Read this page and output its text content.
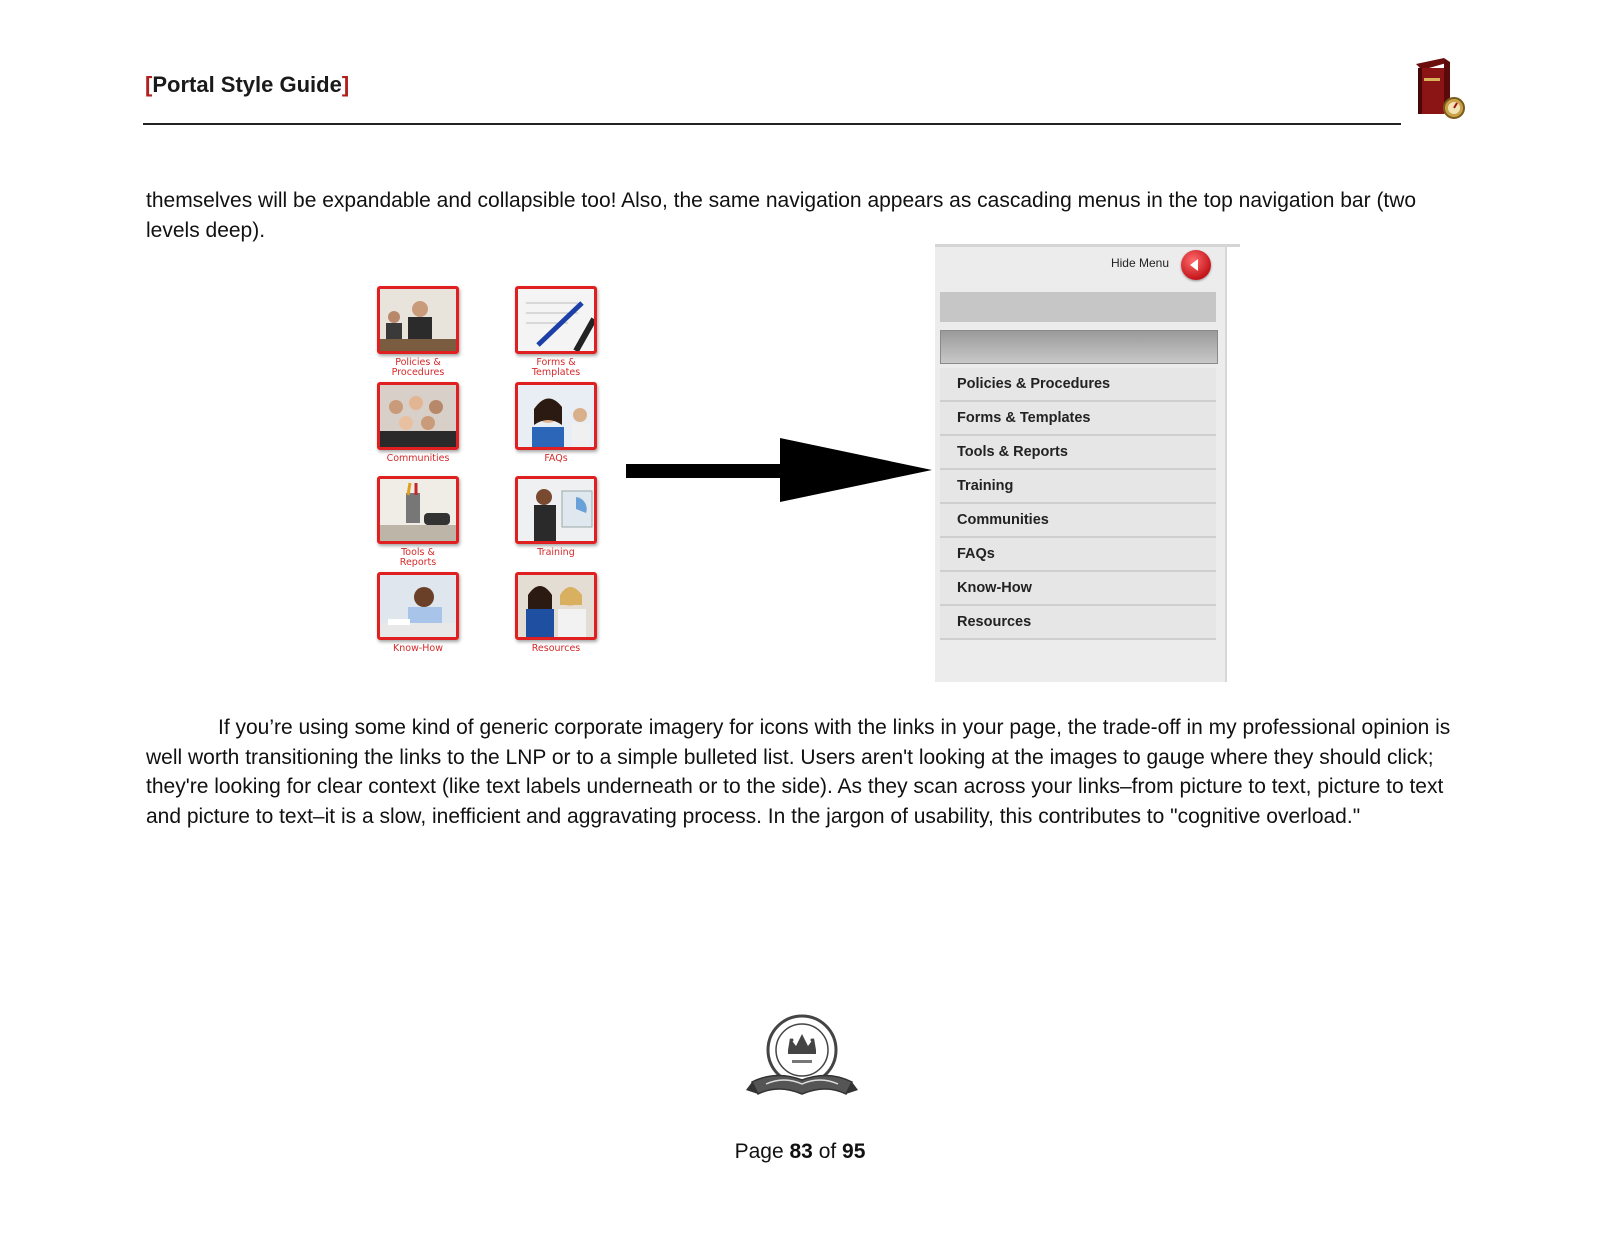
[Portal Style Guide]
themselves will be expandable and collapsible too! Also, the same navigation appears as cascading menus in the top navigation bar (two levels deep).
Policies &
Procedures
Forms &
Templates
Communities	FAQs
Tools &
Reports
Training
Know-How	Resources
Hide Menu
Policies & Procedures
Forms & Templates
Tools & Reports
Training
Communities
FAQs
Know-How
Resources
If you’re using some kind of generic corporate imagery for icons with the links in your page, the trade-off in my professional opinion is well worth transitioning the links to the LNP or to a simple bulleted list. Users aren't looking at the images to gauge where they should click; they're looking for clear context (like text labels underneath or to the side). As they scan across your links–from picture to text, picture to text and picture to text–it is a slow, inefficient and aggravating process. In the jargon of usability, this contributes to "cognitive overload."
Page 83 of 95
